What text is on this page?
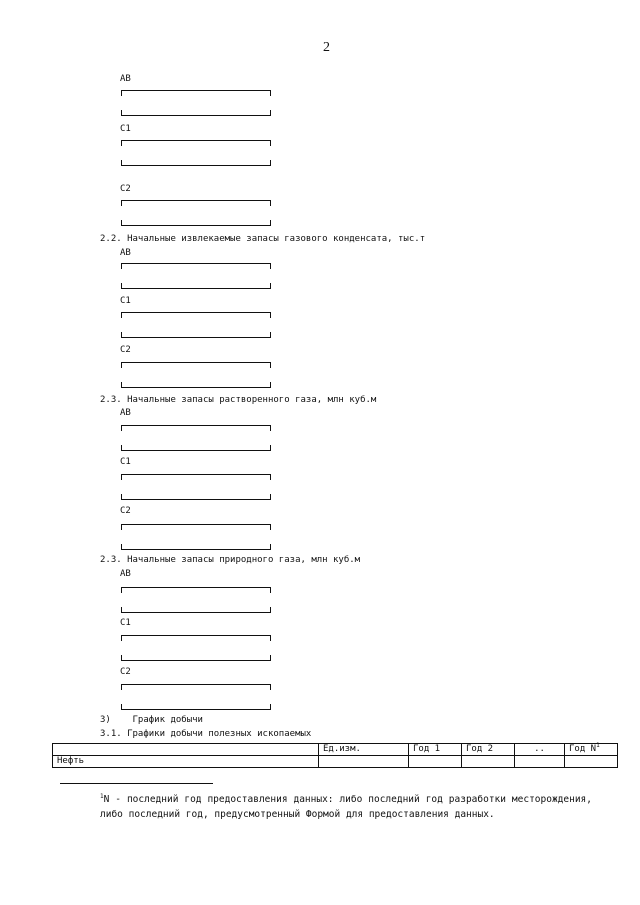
2
AB
C1
C2
2.2. Начальные извлекаемые запасы газового конденсата, тыс.т
AB
C1
C2
2.3. Начальные запасы растворенного газа, млн куб.м
AB
C1
C2
2.3. Начальные запасы природного газа, млн куб.м
AB
C1
C2
3)    График добычи
3.1. Графики добычи полезных ископаемых
	Ед.изм.	Год 1	Год 2	..	Год $N^1$
Нефть					
$^1$N - последний год предоставления данных: либо последний год разработки месторождения, либо последний год, предусмотренный Формой для предоставления данных.
